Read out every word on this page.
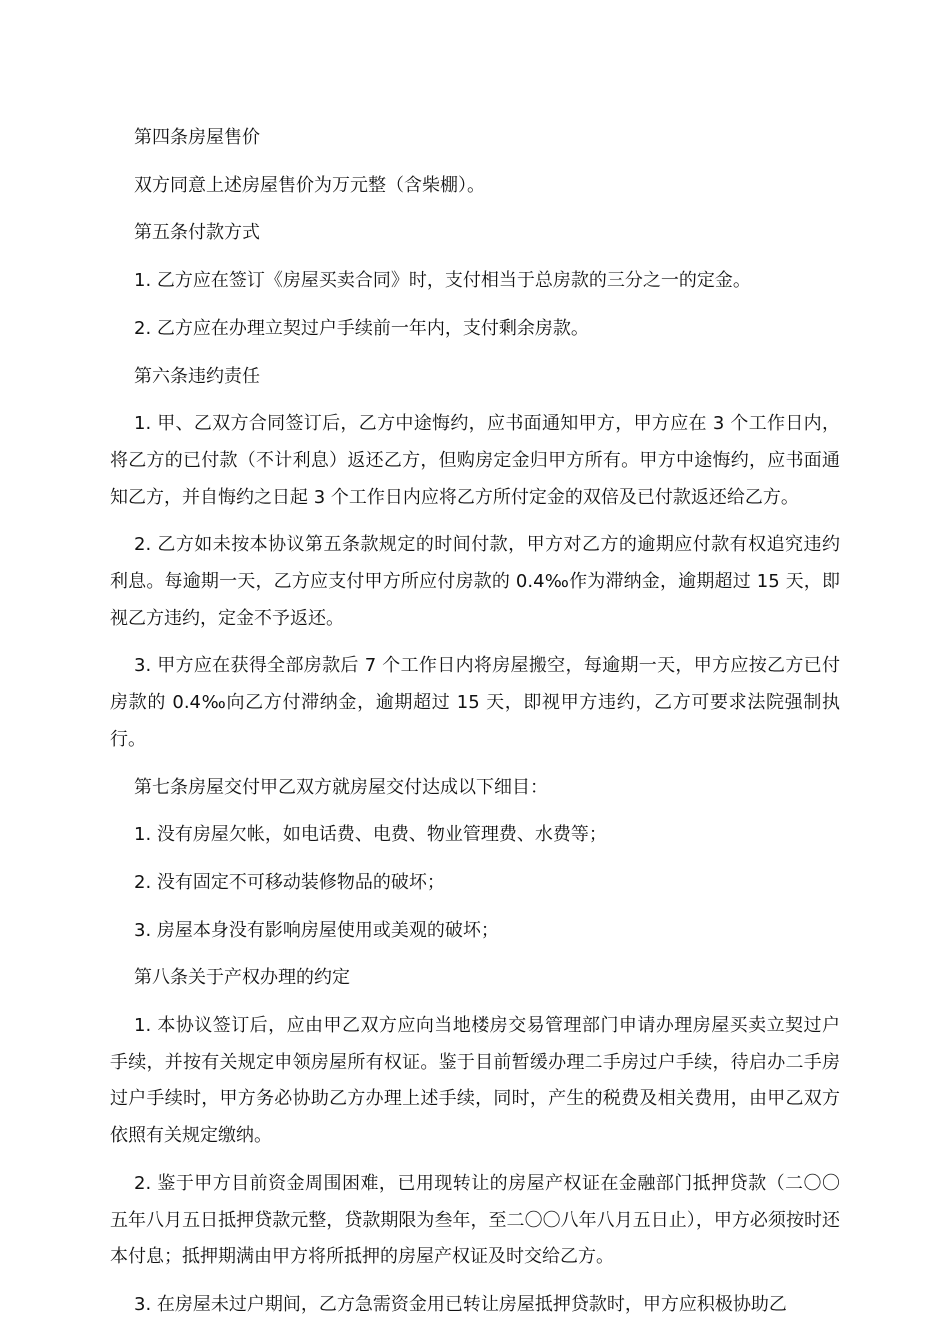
第四条房屋售价

双方同意上述房屋售价为万元整（含柴棚）。

第五条付款方式

1. 乙方应在签订《房屋买卖合同》时，支付相当于总房款的三分之一的定金。

2. 乙方应在办理立契过户手续前一年内，支付剩余房款。

第六条违约责任

1. 甲、乙双方合同签订后，乙方中途悔约，应书面通知甲方，甲方应在 3 个工作日内，将乙方的已付款（不计利息）返还乙方，但购房定金归甲方所有。甲方中途悔约，应书面通知乙方，并自悔约之日起 3 个工作日内应将乙方所付定金的双倍及已付款返还给乙方。

2. 乙方如未按本协议第五条款规定的时间付款，甲方对乙方的逾期应付款有权追究违约利息。每逾期一天，乙方应支付甲方所应付房款的 0.4‰作为滞纳金，逾期超过 15 天，即视乙方违约，定金不予返还。

3. 甲方应在获得全部房款后 7 个工作日内将房屋搬空，每逾期一天，甲方应按乙方已付房款的 0.4‰向乙方付滞纳金，逾期超过 15 天，即视甲方违约，乙方可要求法院强制执行。

第七条房屋交付甲乙双方就房屋交付达成以下细目：

1. 没有房屋欠帐，如电话费、电费、物业管理费、水费等；

2. 没有固定不可移动装修物品的破坏；

3. 房屋本身没有影响房屋使用或美观的破坏；

第八条关于产权办理的约定

1. 本协议签订后，应由甲乙双方应向当地楼房交易管理部门申请办理房屋买卖立契过户手续，并按有关规定申领房屋所有权证。鉴于目前暂缓办理二手房过户手续，待启办二手房过户手续时，甲方务必协助乙方办理上述手续，同时，产生的税费及相关费用，由甲乙双方依照有关规定缴纳。

2. 鉴于甲方目前资金周围困难，已用现转让的房屋产权证在金融部门抵押贷款（二〇〇五年八月五日抵押贷款元整，贷款期限为叁年，至二〇〇八年八月五日止），甲方必须按时还本付息；抵押期满由甲方将所抵押的房屋产权证及时交给乙方。

3. 在房屋未过户期间，乙方急需资金用已转让房屋抵押贷款时，甲方应积极协助乙
